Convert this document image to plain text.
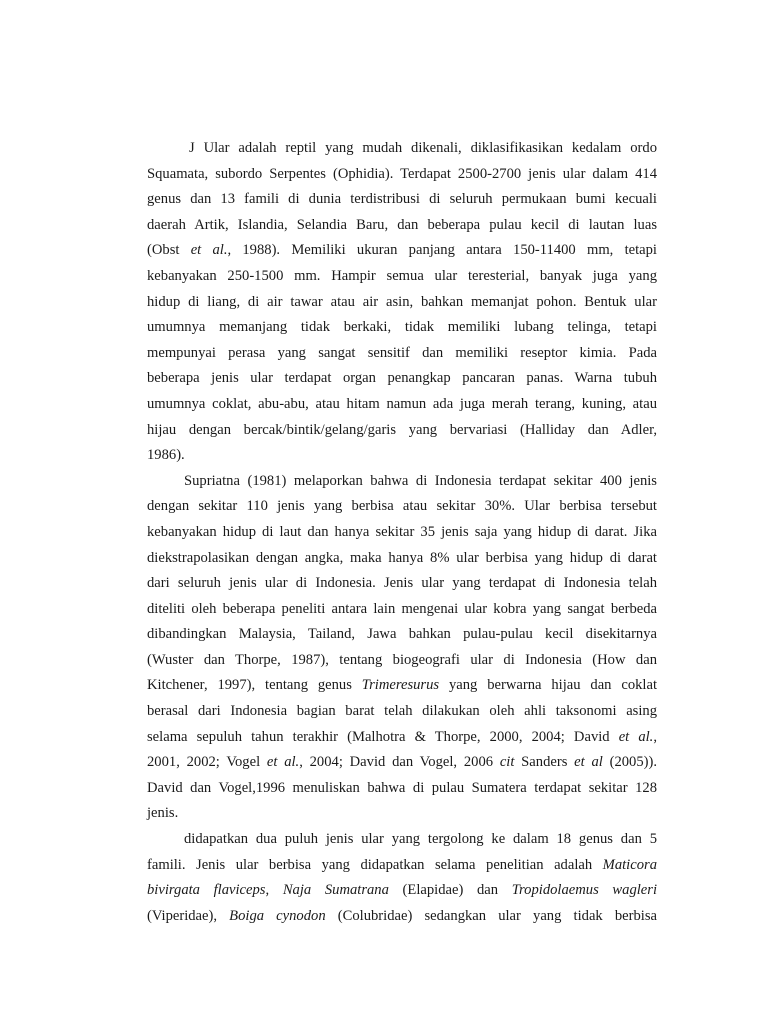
J Ular adalah reptil yang mudah dikenali, diklasifikasikan kedalam ordo
Squamata, subordo Serpentes (Ophidia). Terdapat 2500-2700 jenis ular dalam 414
genus dan 13 famili di dunia terdistribusi di seluruh permukaan bumi kecuali
daerah Artik, Islandia, Selandia Baru, dan beberapa pulau kecil di lautan luas
(Obst et al., 1988). Memiliki ukuran panjang antara 150-11400 mm, tetapi
kebanyakan 250-1500 mm. Hampir semua ular teresterial, banyak juga yang
hidup di liang, di air tawar atau air asin, bahkan memanjat pohon. Bentuk ular
umumnya memanjang tidak berkaki, tidak memiliki lubang telinga, tetapi
mempunyai perasa yang sangat sensitif dan memiliki reseptor kimia. Pada
beberapa jenis ular terdapat organ penangkap pancaran panas. Warna tubuh
umumnya coklat, abu-abu, atau hitam namun ada juga merah terang, kuning, atau
hijau dengan bercak/bintik/gelang/garis yang bervariasi (Halliday dan Adler,
1986).
Supriatna (1981) melaporkan bahwa di Indonesia terdapat sekitar 400 jenis
dengan sekitar 110 jenis yang berbisa atau sekitar 30%. Ular berbisa tersebut
kebanyakan hidup di laut dan hanya sekitar 35 jenis saja yang hidup di darat. Jika
diekstrapolasikan dengan angka, maka hanya 8% ular berbisa yang hidup di darat
dari seluruh jenis ular di Indonesia. Jenis ular yang terdapat di Indonesia telah
diteliti oleh beberapa peneliti antara lain mengenai ular kobra yang sangat berbeda
dibandingkan Malaysia, Tailand, Jawa bahkan pulau-pulau kecil disekitarnya
(Wuster dan Thorpe, 1987), tentang biogeografi ular di Indonesia (How dan
Kitchener, 1997), tentang genus Trimeresurus yang berwarna hijau dan coklat
berasal dari Indonesia bagian barat telah dilakukan oleh ahli taksonomi asing
selama sepuluh tahun terakhir (Malhotra & Thorpe, 2000, 2004; David et al.,
2001, 2002; Vogel et al., 2004; David dan Vogel, 2006 cit Sanders et al (2005)).
David dan Vogel,1996 menuliskan bahwa di pulau Sumatera terdapat sekitar 128
jenis.
didapatkan dua puluh jenis ular yang tergolong ke dalam 18 genus dan 5
famili. Jenis ular berbisa yang didapatkan selama penelitian adalah Maticora
bivirgata flaviceps, Naja Sumatrana (Elapidae) dan Tropidolaemus wagleri
(Viperidae), Boiga cynodon (Colubridae) sedangkan ular yang tidak berbisa
